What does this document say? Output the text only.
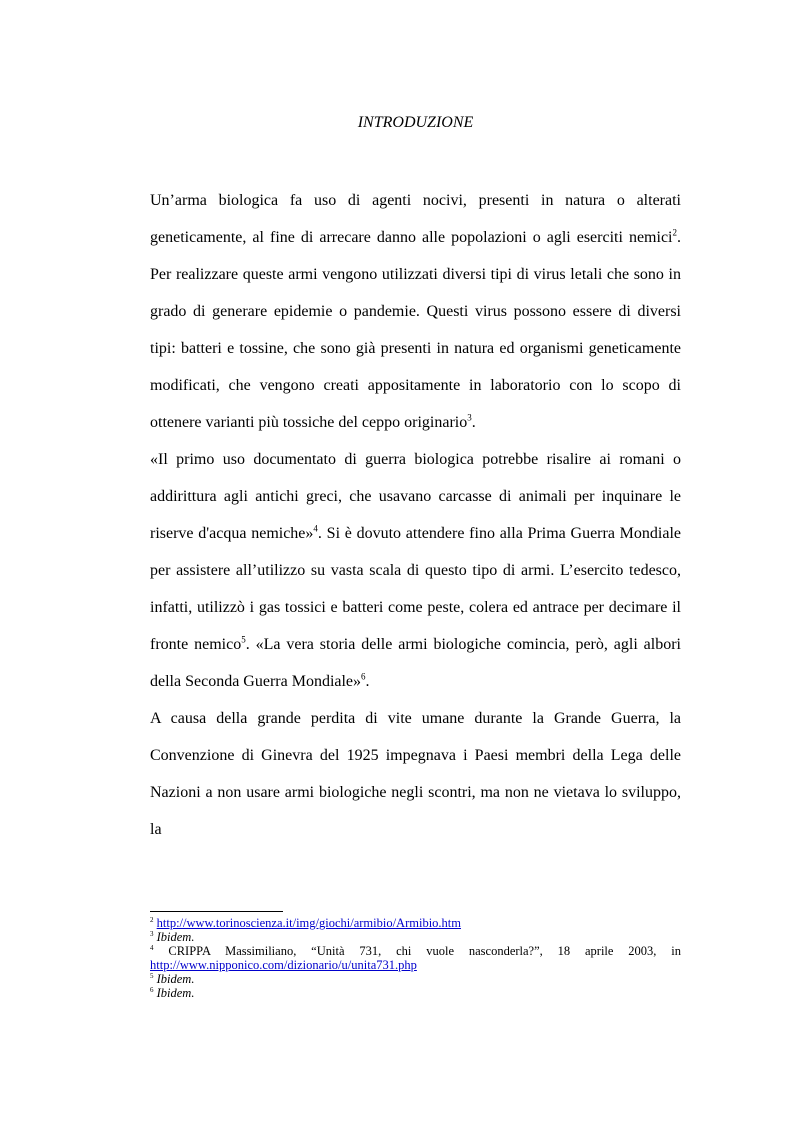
INTRODUZIONE

Un’arma biologica fa uso di agenti nocivi, presenti in natura o alterati geneticamente, al fine di arrecare danno alle popolazioni o agli eserciti nemici$^2$. Per realizzare queste armi vengono utilizzati diversi tipi di virus letali che sono in grado di generare epidemie o pandemie. Questi virus possono essere di diversi tipi: batteri e tossine, che sono già presenti in natura ed organismi geneticamente modificati, che vengono creati appositamente in laboratorio con lo scopo di ottenere varianti più tossiche del ceppo originario$^3$.

«Il primo uso documentato di guerra biologica potrebbe risalire ai romani o addirittura agli antichi greci, che usavano carcasse di animali per inquinare le riserve d'acqua nemiche»$^4$. Si è dovuto attendere fino alla Prima Guerra Mondiale per assistere all’utilizzo su vasta scala di questo tipo di armi. L’esercito tedesco, infatti, utilizzò i gas tossici e batteri come peste, colera ed antrace per decimare il fronte nemico$^5$. «La vera storia delle armi biologiche comincia, però, agli albori della Seconda Guerra Mondiale»$^6$.

A causa della grande perdita di vite umane durante la Grande Guerra, la Convenzione di Ginevra del 1925 impegnava i Paesi membri della Lega delle Nazioni a non usare armi biologiche negli scontri, ma non ne vietava lo sviluppo, la

$^2$ http://www.torinoscienza.it/img/giochi/armibio/Armibio.htm

$^3$ Ibidem.

$^4$ CRIPPA Massimiliano, “Unità 731, chi vuole nasconderla?”, 18 aprile 2003, in http://www.nipponico.com/dizionario/u/unita731.php

$^5$ Ibidem.

$^6$ Ibidem.
